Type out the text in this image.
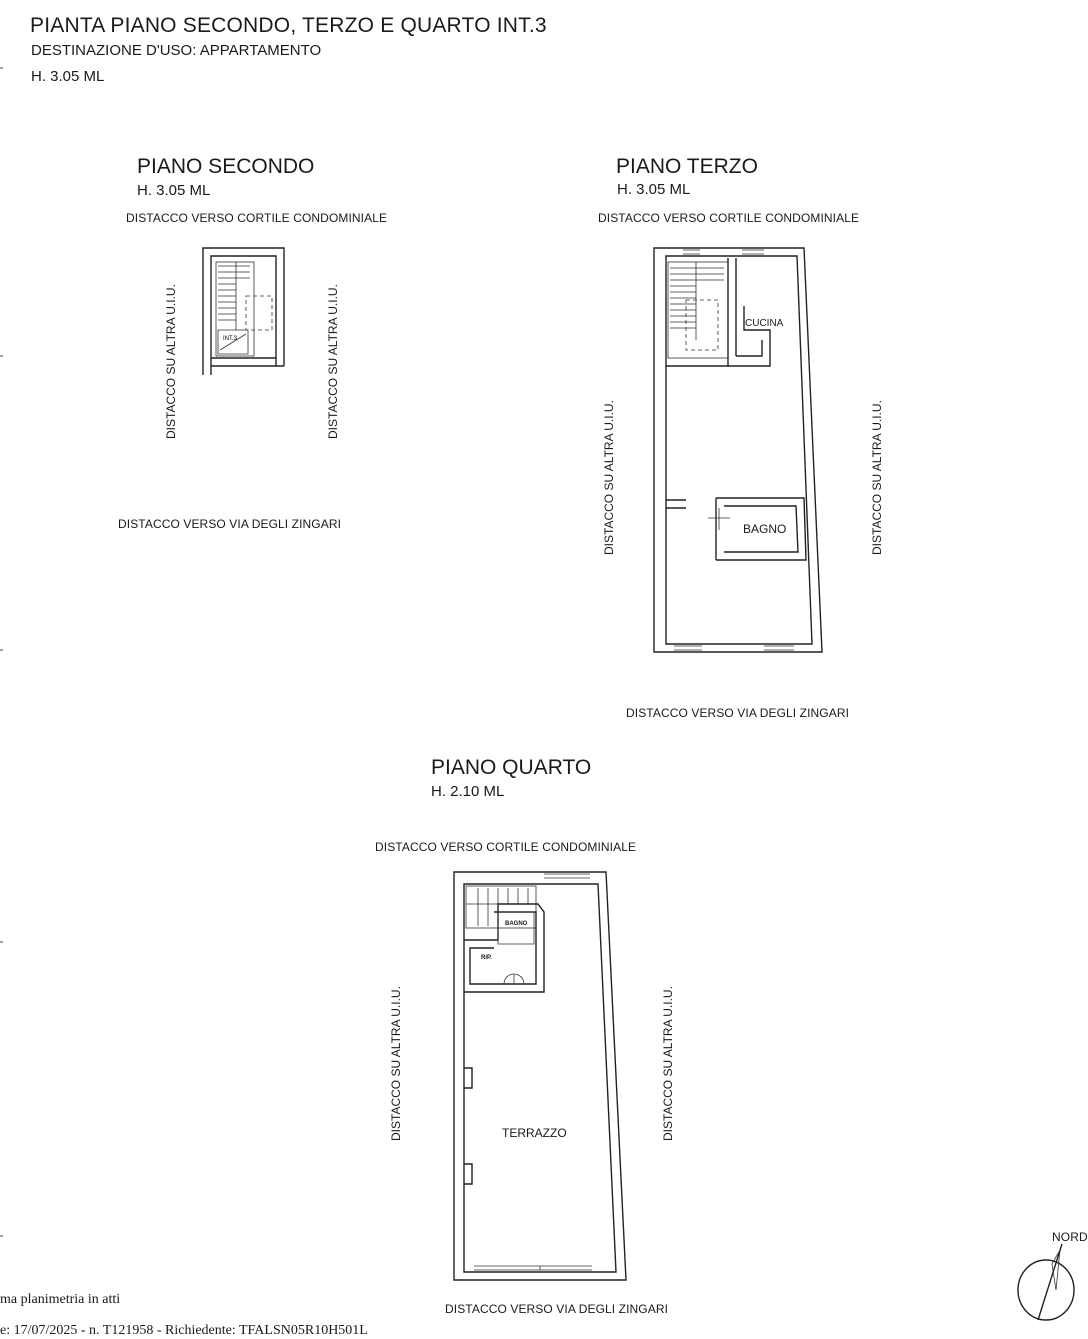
PIANTA PIANO SECONDO, TERZO E QUARTO INT.3
DESTINAZIONE D'USO: APPARTAMENTO
H. 3.05 ML
PIANO SECONDO
H. 3.05 ML
DISTACCO VERSO CORTILE CONDOMINIALE
DISTACCO VERSO VIA DEGLI ZINGARI
DISTACCO SU ALTRA U.I.U.	DISTACCO SU ALTRA U.I.U.
PIANO TERZO
H. 3.05 ML
DISTACCO VERSO CORTILE CONDOMINIALE
DISTACCO VERSO VIA DEGLI ZINGARI
DISTACCO SU ALTRA U.I.U.	DISTACCO SU ALTRA U.I.U.
CUCINA
BAGNO
PIANO QUARTO
H. 2.10 ML
DISTACCO VERSO CORTILE CONDOMINIALE
DISTACCO VERSO VIA DEGLI ZINGARI
DISTACCO SU ALTRA U.I.U.	DISTACCO SU ALTRA U.I.U.
BAGNO
RIP.
TERRAZZO
NORD
ma planimetria in atti
e: 17/07/2025 - n. T121958 - Richiedente: TFALSN05R10H501L
INT.3
